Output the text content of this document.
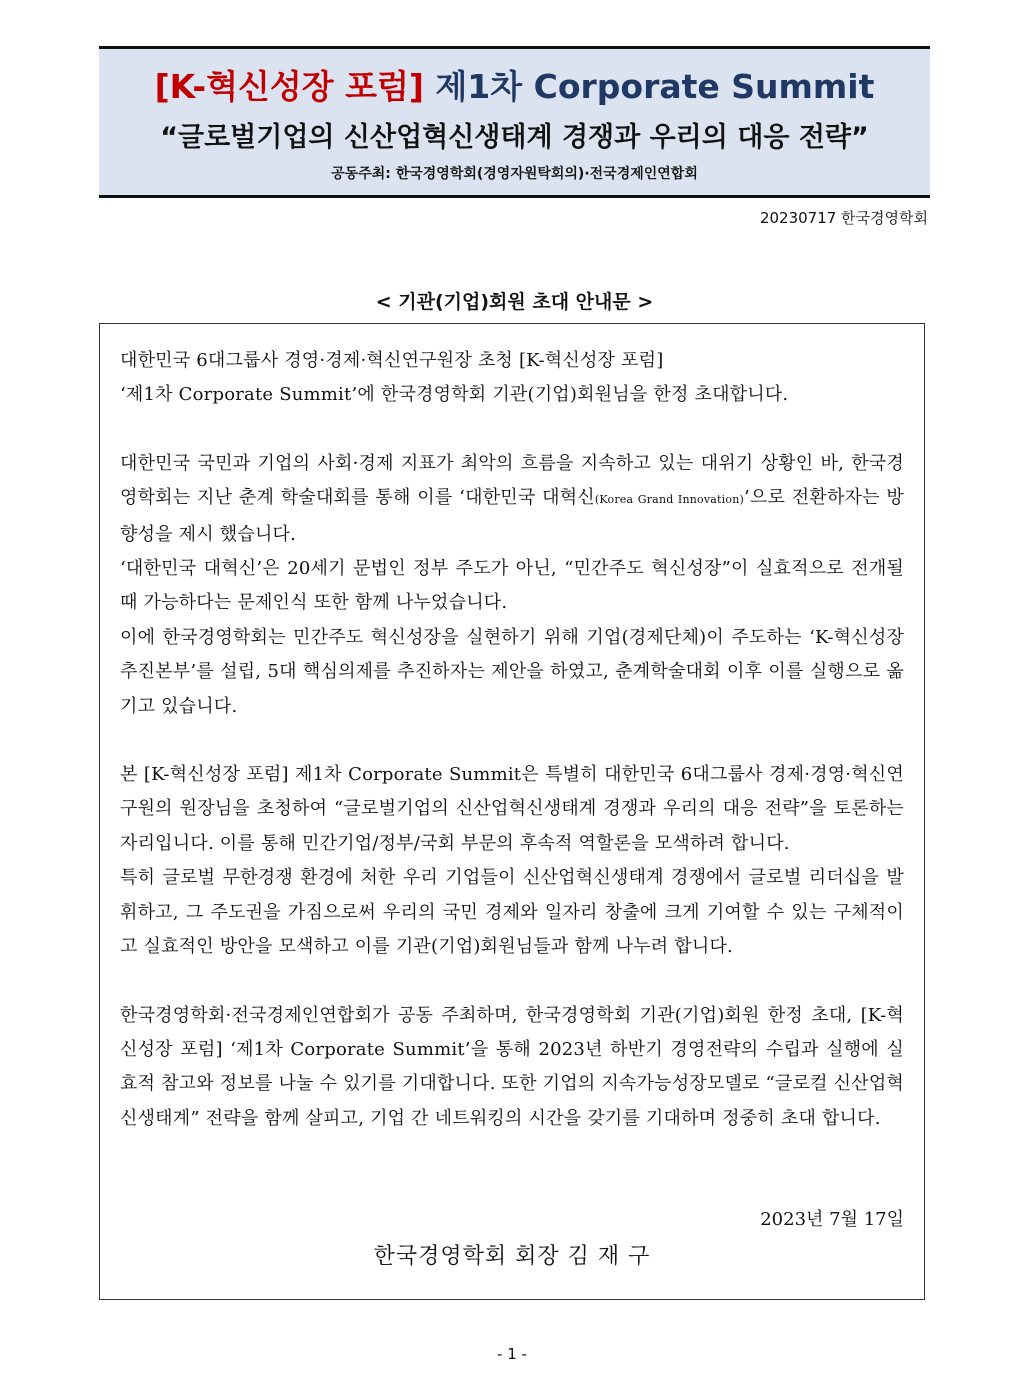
[K-혁신성장 포럼] 제1차 Corporate Summit
“글로벌기업의 신산업혁신생태계 경쟁과 우리의 대응 전략”
공동주최: 한국경영학회(경영자원탁회의)·전국경제인연합회
20230717 한국경영학회
< 기관(기업)회원 초대 안내문 >

대한민국 6대그룹사 경영·경제·혁신연구원장 초청 [K-혁신성장 포럼]

‘제1차 Corporate Summit’에 한국경영학회 기관(기업)회원님을 한정 초대합니다.

대한민국 국민과 기업의 사회·경제 지표가 최악의 흐름을 지속하고 있는 대위기 상황인 바, 한국경영학회는 지난 춘계 학술대회를 통해 이를 ‘대한민국 대혁신(Korea Grand Innovation)’으로 전환하자는 방향성을 제시 했습니다.

‘대한민국 대혁신’은 20세기 문법인 정부 주도가 아닌, “민간주도 혁신성장”이 실효적으로 전개될 때 가능하다는 문제인식 또한 함께 나누었습니다.

이에 한국경영학회는 민간주도 혁신성장을 실현하기 위해 기업(경제단체)이 주도하는 ‘K-혁신성장 추진본부’를 설립, 5대 핵심의제를 추진하자는 제안을 하였고, 춘계학술대회 이후 이를 실행으로 옮기고 있습니다.

본 [K-혁신성장 포럼] 제1차 Corporate Summit은 특별히 대한민국 6대그룹사 경제·경영·혁신연구원의 원장님을 초청하여 “글로벌기업의 신산업혁신생태계 경쟁과 우리의 대응 전략”을 토론하는 자리입니다. 이를 통해 민간기업/정부/국회 부문의 후속적 역할론을 모색하려 합니다.

특히 글로벌 무한경쟁 환경에 처한 우리 기업들이 신산업혁신생태계 경쟁에서 글로벌 리더십을 발휘하고, 그 주도권을 가짐으로써 우리의 국민 경제와 일자리 창출에 크게 기여할 수 있는 구체적이고 실효적인 방안을 모색하고 이를 기관(기업)회원님들과 함께 나누려 합니다.

한국경영학회·전국경제인연합회가 공동 주최하며, 한국경영학회 기관(기업)회원 한정 초대, [K-혁신성장 포럼] ‘제1차 Corporate Summit’을 통해 2023년 하반기 경영전략의 수립과 실행에 실효적 참고와 정보를 나눌 수 있기를 기대합니다. 또한 기업의 지속가능성장모델로 “글로컬 신산업혁신생태계” 전략을 함께 살피고, 기업 간 네트워킹의 시간을 갖기를 기대하며 정중히 초대 합니다.

2023년 7월 17일
한국경영학회 회장 김 재 구
- 1 -
